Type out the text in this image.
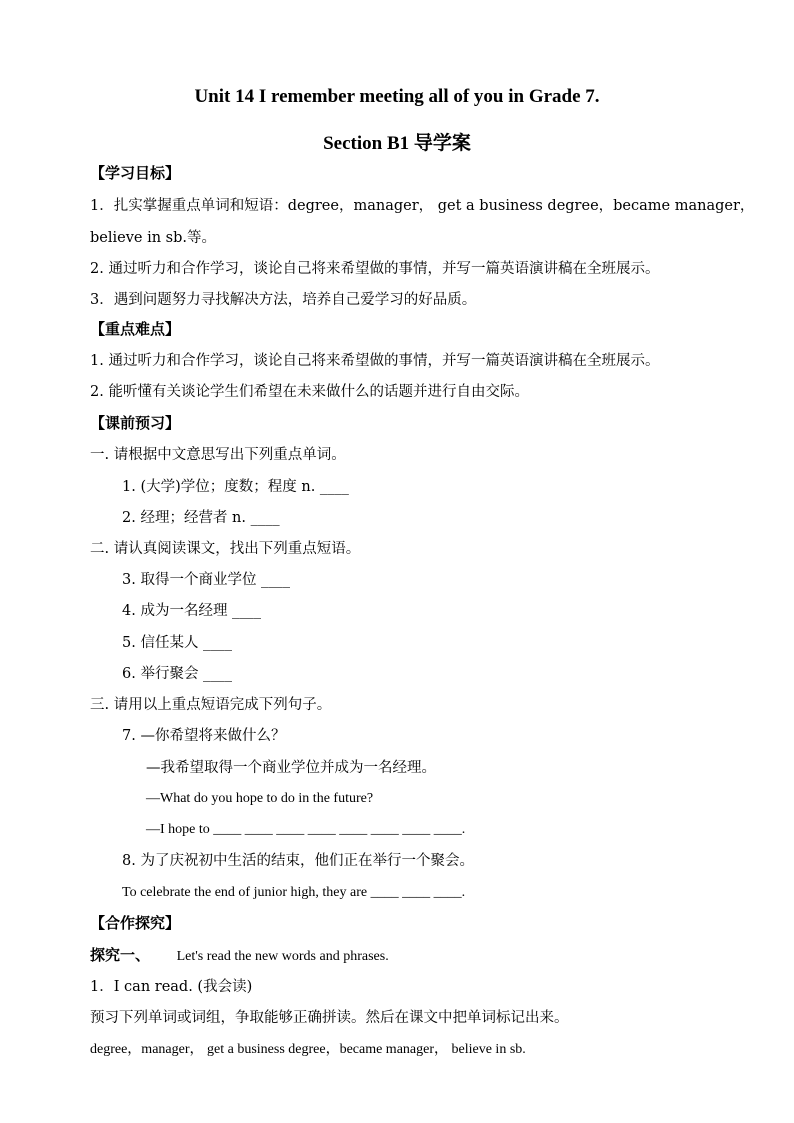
Unit 14 I remember meeting all of you in Grade 7.
Section B1 导学案
【学习目标】
1．扎实掌握重点单词和短语：degree，manager， get a business degree，became manager，
believe in sb.等。
2. 通过听力和合作学习，谈论自己将来希望做的事情，并写一篇英语演讲稿在全班展示。
3．遇到问题努力寻找解决方法，培养自己爱学习的好品质。
【重点难点】
1. 通过听力和合作学习，谈论自己将来希望做的事情，并写一篇英语演讲稿在全班展示。
2. 能听懂有关谈论学生们希望在未来做什么的话题并进行自由交际。
【课前预习】
一. 请根据中文意思写出下列重点单词。
1. (大学)学位；度数；程度 n. ____
2. 经理；经营者 n. ____
二. 请认真阅读课文，找出下列重点短语。
3. 取得一个商业学位 ____
4. 成为一名经理 ____
5. 信任某人 ____
6. 举行聚会 ____
三. 请用以上重点短语完成下列句子。
7. —你希望将来做什么？
—我希望取得一个商业学位并成为一名经理。
—What do you hope to do in the future?
—I hope to ____ ____ ____ ____ ____ ____ ____ ____.
8. 为了庆祝初中生活的结束，他们正在举行一个聚会。
To celebrate the end of junior high, they are ____ ____ ____.
【合作探究】
探究一、 Let's read the new words and phrases.
1．I can read. (我会读)
预习下列单词或词组，争取能够正确拼读。然后在课文中把单词标记出来。
degree，manager， get a business degree，became manager， believe in sb.
